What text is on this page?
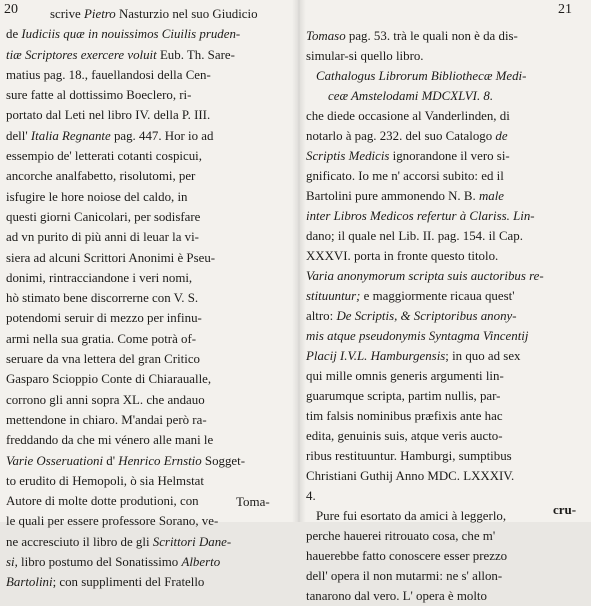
20	scrive Pietro Nasturzio nel suo Giudicio
de Iudiciis quæ in nouissimos Ciuilis pruden-
tiæ Scriptores exercere voluit Eub. Th. Sare-
matius pag. 18., fauellandosi della Cen-
sure fatte al dottissimo Boeclero, ri-
portato dal Leti nel libro IV. della P. III.
dell' Italia Regnante pag. 447. Hor io ad
essempio de' letterati cotanti cospicui,
ancorche analfabetto, risolutomi, per
isfugire le hore noiose del caldo, in
questi giorni Canicolari, per sodisfare
ad vn purito di più anni di leuar la vi-
siera ad alcuni Scrittori Anonimi è Pseu-
donimi, rintracciandone i veri nomi,
hò stimato bene discorrerne con V. S.
potendomi seruir di mezzo per infinu-
armi nella sua gratia. Come potrà of-
seruare da vna lettera del gran Critico
Gasparo Scioppio Conte di Chiaraualle,
corrono gli anni sopra XL. che andauo
mettendone in chiaro. M'andai però ra-
freddando da che mi vénero alle mani le
Varie Osseruationi d' Henrico Ernstio Sogget-
to erudito di Hemopoli, ò sia Helmstat
Autore di molte dotte produtioni, con
le quali per essere professore Sorano, ve-
ne accresciuto il libro de gli Scrittori Dane-
si, libro postumo del Sonatissimo Alberto
Bartolini; con supplimenti del Fratello
Toma-
21
Tomaso pag. 53. trà le quali non è da dis-
simular-si quello libro.
Cathalogus Librorum Bibliothecæ Medi-
ceæ Amstelodami MDCXLVI. 8.
che diede occasione al Vanderlinden, di
notarlo à pag. 232. del suo Catalogo de
Scriptis Medicis ignorandone il vero si-
gnificato. Io me n' accorsi subito: ed il
Bartolini pure ammonendo N. B. male
inter Libros Medicos refertur à Clariss. Lin-
dano; il quale nel Lib. II. pag. 154. il Cap.
XXXVI. porta in fronte questo titolo.
Varia anonymorum scripta suis auctoribus re-
stituuntur; e maggiormente ricaua quest'
altro: De Scriptis, & Scriptoribus anony-
mis atque pseudonymis Syntagma Vincentij
Placij I.V.L. Hamburgensis; in quo ad sex
qui mille omnis generis argumenti lin-
guarumque scripta, partim nullis, par-
tim falsis nominibus præfixis ante hac
edita, genuinis suis, atque veris aucto-
ribus restituuntur. Hamburgi, sumptibus
Christiani Guthij Anno MDC. LXXXIV.
4.
Pure fui esortato da amici à leggerlo,
perche hauerei ritrouato cosa, che m'
hauerebbe fatto conoscere esser prezzo
dell' opera il non mutarmi: ne s' allon-
tanarono dal vero. L' opera è molto
cru-
